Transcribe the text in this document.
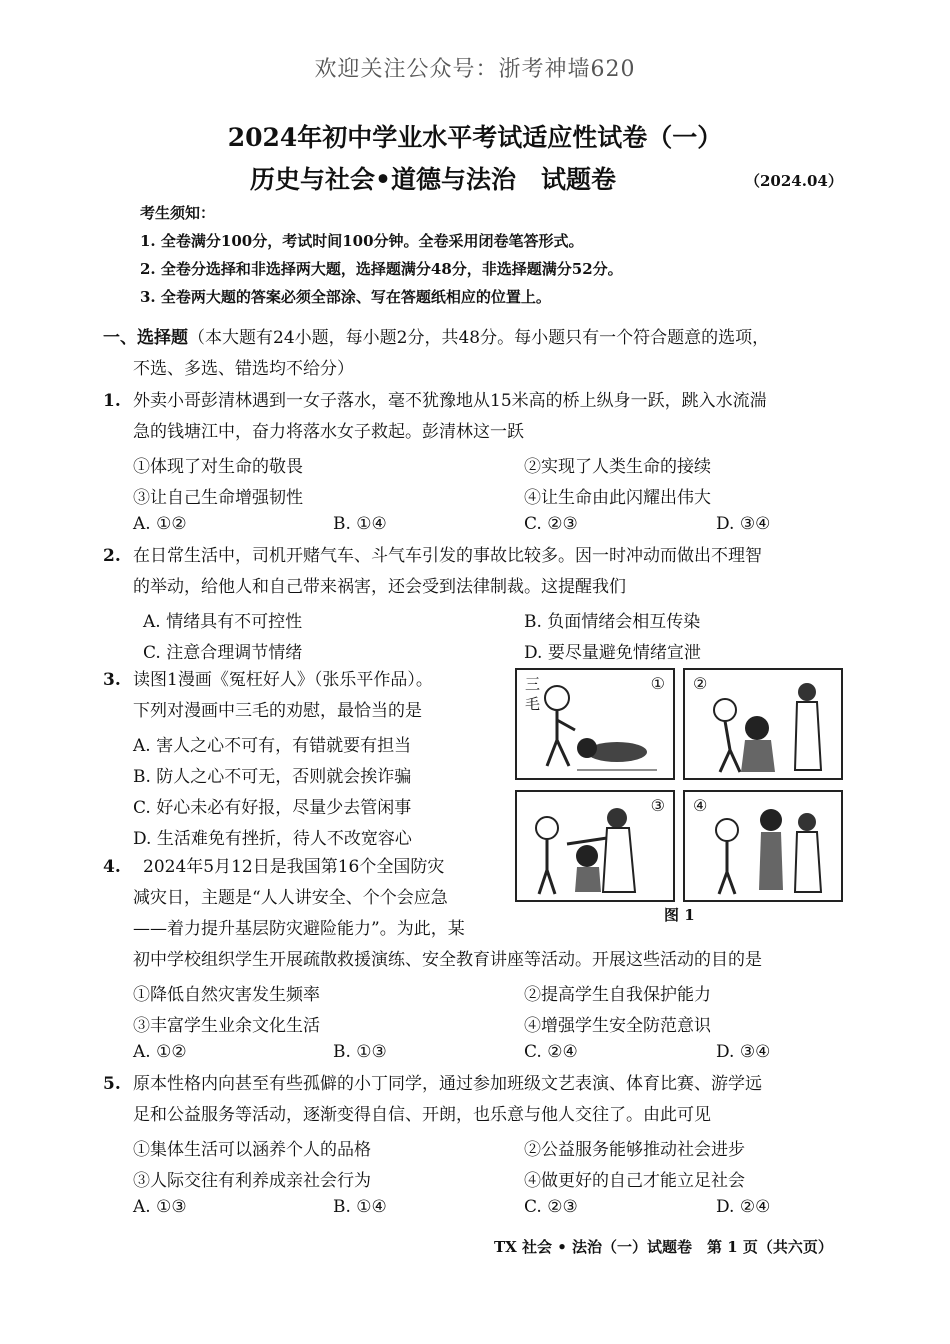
欢迎关注公众号：浙考神墙620
2024年初中学业水平考试适应性试卷（一）
历史与社会•道德与法治　试题卷	（2024.04）
考生须知：
1. 全卷满分100分，考试时间100分钟。全卷采用闭卷笔答形式。
2. 全卷分选择和非选择两大题，选择题满分48分，非选择题满分52分。
3. 全卷两大题的答案必须全部涂、写在答题纸相应的位置上。
一、选择题（本大题有24小题，每小题2分，共48分。每小题只有一个符合题意的选项，
不选、多选、错选均不给分）
1. 外卖小哥彭清林遇到一女子落水，毫不犹豫地从15米高的桥上纵身一跃，跳入水流湍
急的钱塘江中，奋力将落水女子救起。彭清林这一跃
①体现了对生命的敬畏	②实现了人类生命的接续
③让自己生命增强韧性	④让生命由此闪耀出伟大
A. ①②	B. ①④	C. ②③	D. ③④
2. 在日常生活中，司机开赌气车、斗气车引发的事故比较多。因一时冲动而做出不理智
的举动，给他人和自己带来祸害，还会受到法律制裁。这提醒我们
A. 情绪具有不可控性	B. 负面情绪会相互传染
C. 注意合理调节情绪	D. 要尽量避免情绪宣泄
3. 读图1漫画《冤枉好人》（张乐平作品）。
下列对漫画中三毛的劝慰，最恰当的是
A. 害人之心不可有，有错就要有担当
B. 防人之心不可无，否则就会挨诈骗
C. 好心未必有好报，尽量少去管闲事
D. 生活难免有挫折，待人不改宽容心
三
毛
① ②
③ ④
图 1
4. 2024年5月12日是我国第16个全国防灾
减灾日，主题是“人人讲安全、个个会应急
——着力提升基层防灾避险能力”。为此，某
初中学校组织学生开展疏散救援演练、安全教育讲座等活动。开展这些活动的目的是
①降低自然灾害发生频率	②提高学生自我保护能力
③丰富学生业余文化生活	④增强学生安全防范意识
A. ①②	B. ①③	C. ②④	D. ③④
5. 原本性格内向甚至有些孤僻的小丁同学，通过参加班级文艺表演、体育比赛、游学远
足和公益服务等活动，逐渐变得自信、开朗，也乐意与他人交往了。由此可见
①集体生活可以涵养个人的品格	②公益服务能够推动社会进步
③人际交往有利养成亲社会行为	④做更好的自己才能立足社会
A. ①③	B. ①④	C. ②③	D. ②④
TX 社会 • 法治（一）试题卷　第 1 页（共六页）
